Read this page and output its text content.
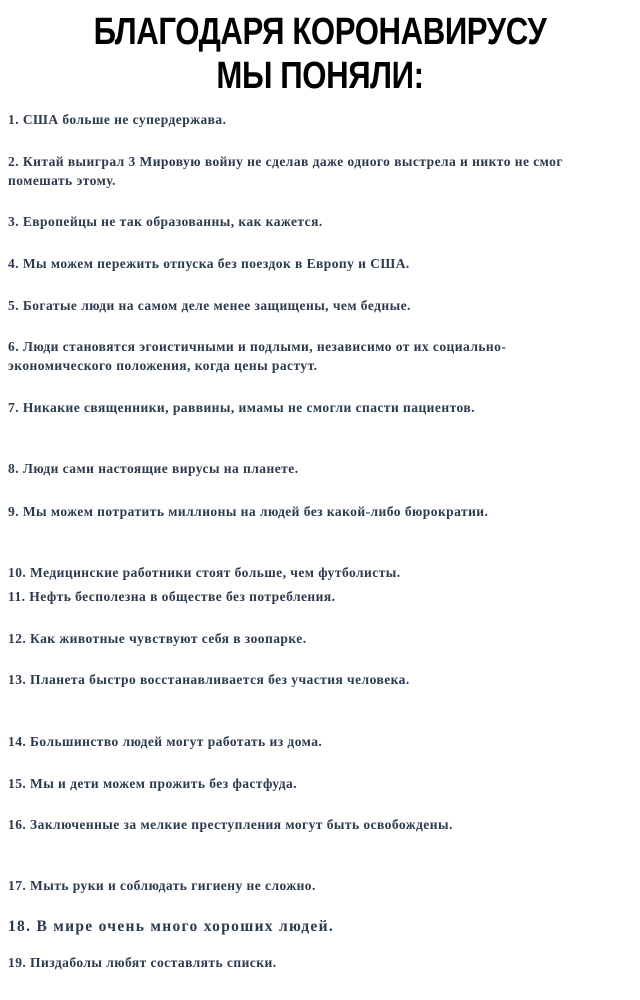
БЛАГОДАРЯ КОРОНАВИРУСУ
МЫ ПОНЯЛИ:

1. США больше не супердержава.

2. Китай выиграл 3 Мировую войну не сделав даже одного выстрела и никто не смог помешать этому.

3. Европейцы не так образованны, как кажется.

4. Мы можем пережить отпуска без поездок в Европу и США.

5. Богатые люди на самом деле менее защищены, чем бедные.

6. Люди становятся эгоистичными и подлыми, независимо от их социально-экономического положения, когда цены растут.

7. Никакие священники, раввины, имамы не смогли спасти пациентов.

8. Люди сами настоящие вирусы на планете.

9. Мы можем потратить миллионы на людей без какой-либо бюрократии.

10. Медицинские работники стоят больше, чем футболисты.

11. Нефть бесполезна в обществе без потребления.

12. Как животные чувствуют себя в зоопарке.

13. Планета быстро восстанавливается без участия человека.

14. Большинство людей могут работать из дома.

15. Мы и дети можем прожить без фастфуда.

16. Заключенные за мелкие преступления могут быть освобождены.

17. Мыть руки и соблюдать гигиену не сложно.

18. В мире очень много хороших людей.

19. Пиздаболы любят составлять списки.
